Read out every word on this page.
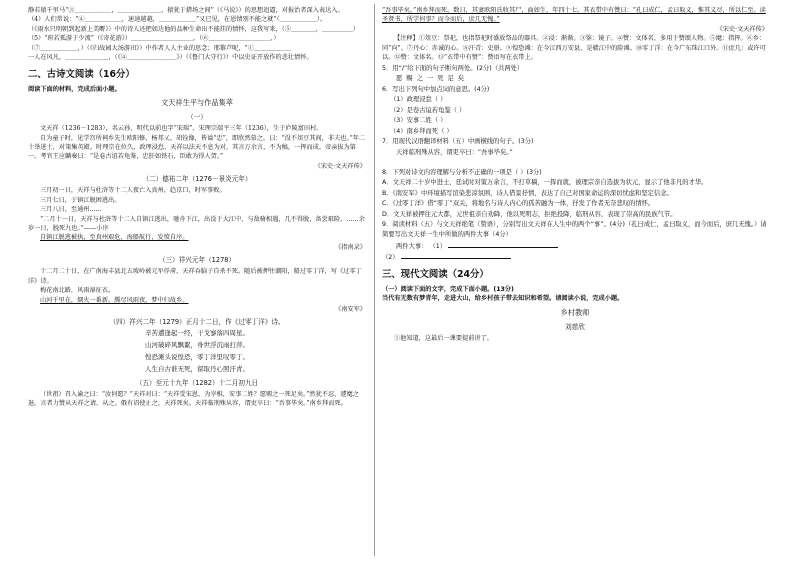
静若猿千里马“③＿＿＿＿＿＿，＿＿＿＿＿＿＿，猿犹于猎场之间”（《马说》）的思想追逼，对报治者深入表达入。

（4）人们常说：“④＿＿＿＿＿＿，速速越越，＿＿＿＿＿＿”又已见，在恩情别不能之就“（＿＿＿＿＿＿）。

（《雨水只明朝到起新上美嘢》）中的诗人还把如达他的品种生命出不能挂的情怀，这我写来，（⑤＿＿＿＿，＿＿＿＿＿）

（5）“班若孤游于少流”（《寄花游》）＿＿＿＿＿＿＿＿＿＿，（⑥＿＿＿＿＿＿＿＿＿＿，）

（⑦＿＿＿＿＿＿，）（《归故园大汤游田》）中作者人人主业的思念；邢黎芦呢，“①＿＿＿＿＿＿

一人在风凡，＿＿＿＿＿＿＿，（《④＿＿＿＿＿＿＿＿》）（《鲁门大守行》）中以史证开放作的悲壮情怀。

二、古诗文阅读（16分）

阅读下面的材料，完成后面小题。

文天祥生平与作品集萃

（一）

文天祥（1236－1283），名云孙，明代以前也字“宋瑞”，宋理宗端平三年（1236），生于庐陵富田村。

自为童子时，见学宫所祠乡先生欧阳修、杨邦乂、胡铨像，皆谥“忠”，即欣然慕之。曰：“没不俎豆其间，非夫也。”年二十举进士，对策集英殿。时理宗在位久，政理浸怠，天祥以法天不息为对，其言万余言，不为稿，一挥而成。帝亲拔为第一。考官王应麟奏曰：“是卷古谊若龟鉴，忠肝如铁石，臣敢为得人贺。”

《宋史·文天祥传》

（二）德祐二年（1276－景炎元年）

三月初一日，天祥与杜浒等十二人夜亡入真州，趋京口，时军事败。

三月七日，于镇江脱困逃出。

三月八日，至通州……

“二月十一日，天祥与杜浒等十二人自镇江逃出，驰舟下江，出没于大江中，与敌骑相遇，几不得脱，备尝艰险。……余岁一日，脱死九也。”——小序

自镇江脱逃被执，至真州艰危，海船航行，发愤自序。

《指南录》

（三）祥兴元年（1278）

十二月二十日，在广南海丰县北五坡岭被元军俘虏，天祥吞脑子自杀不死。随后被押往潮阳，船过零丁洋，写《过零丁洋》诗。

梅花南北路，风雨湿征衣。

山河千里在，烟火一番新。腾尽风雨夜，梦中归故乡。

《南安军》

（四）祥兴二年（1279）正月十二日，作《过零丁洋》诗。

辛苦遭逢起一经，干戈寥落四周星。

山河破碎风飘絮，身世浮沉雨打萍。

惶恐滩头说惶恐，零丁洋里叹零丁。

人生自古谁无死，留取丹心照汗青。

（五）至元十九年（1282）十二月初九日

（世祖）召入谕之曰：“汝何愿？”天祥对曰：“天祥受宋恩，为宰相，安事二姓？愿赐之一死足矣。”然犹不忍，遽麾之退。言者力赞从天祥之请，从之。俄有诏使止之，天祥死矣。天祥临刑殊从容，谓吏卒曰：“吾事毕矣。”南乡拜而死。

“吾事毕矣。”南乡拜而死。数日，其妻欧阳氏收其尸，面如生，年四十七。其衣带中有赞曰：“孔曰成仁，孟曰取义，惟其义尽，所以仁至。读圣贤书，所学何事？而今而后，庶几无愧。”

《宋史·文天祥传》

【注释】①俎豆：祭祀，也指祭祀时盛放祭品的器具。②浸：渐渐。③鉴：镜子。④赞：文体名，多用于赞颂人物。⑤麾：指挥。⑥乡：同“向”。⑦丹心：赤诚的心。⑧汗青：史册。⑨惶恐滩：在今江西万安县，是赣江中的险滩。⑩零丁洋：在今广东珠江口外。⑪庶几：或许可以。⑫赞：文体名。⑬“衣带中有赞”：赞语写在衣带上。

5．用“/”给下面的句子断句两处。(2分)（共两处）

愿 赐 之 一 死 足 矣

6．写出下列句中加点词的意思。(4分)

（1）政理浸怠（ ）

（2）是卷古谊若龟鉴（ ）

（3）安事二姓（ ）

（4）南乡拜而死（ ）

7．用现代汉语翻译材料（五）中画横线的句子。(3分)

天祥临刑殊从容，谓吏卒曰：“吾事毕矣。”

8．下列对诗文内容理解与分析不正确的一项是（ ）(3分)

A．文天祥二十岁中进士，廷试时对策万余言，不打草稿，一挥而就，被理宗亲自选拔为状元，显示了他非凡的才华。

B．《南安军》中环境描写渲染悲凉氛围，诗人借景抒情，表达了自己对国家命运的深切忧虑和坚定信念。

C．《过零丁洋》借“零丁”双关，将地名与诗人内心的孤苦融为一体，抒发了作者无奈悲叹的情怀。

D．文天祥被押往元大都，元世祖亲自劝降，他以死明志，拒绝投降，临刑从容，表现了崇高的民族气节。

9．阅读材料（五）与文天祥绝笔（赞语），分别写出文天祥在人生中的两个“事”。(4分)（孔曰成仁，孟曰取义，而今而后，庶几无愧。）请简要写出文天祥一生中所做的两件大事（4分）

两件大事： （1）

（2）

三、现代文阅读（24分）

（一）阅读下面的文字，完成下面小题。(13分)

当代有无数有梦青年，走进大山，给乡村孩子带去知识和希望。请阅读小说，完成小题。

乡村教师

刘慈欣

①他知道，这最后一课要提前讲了。
